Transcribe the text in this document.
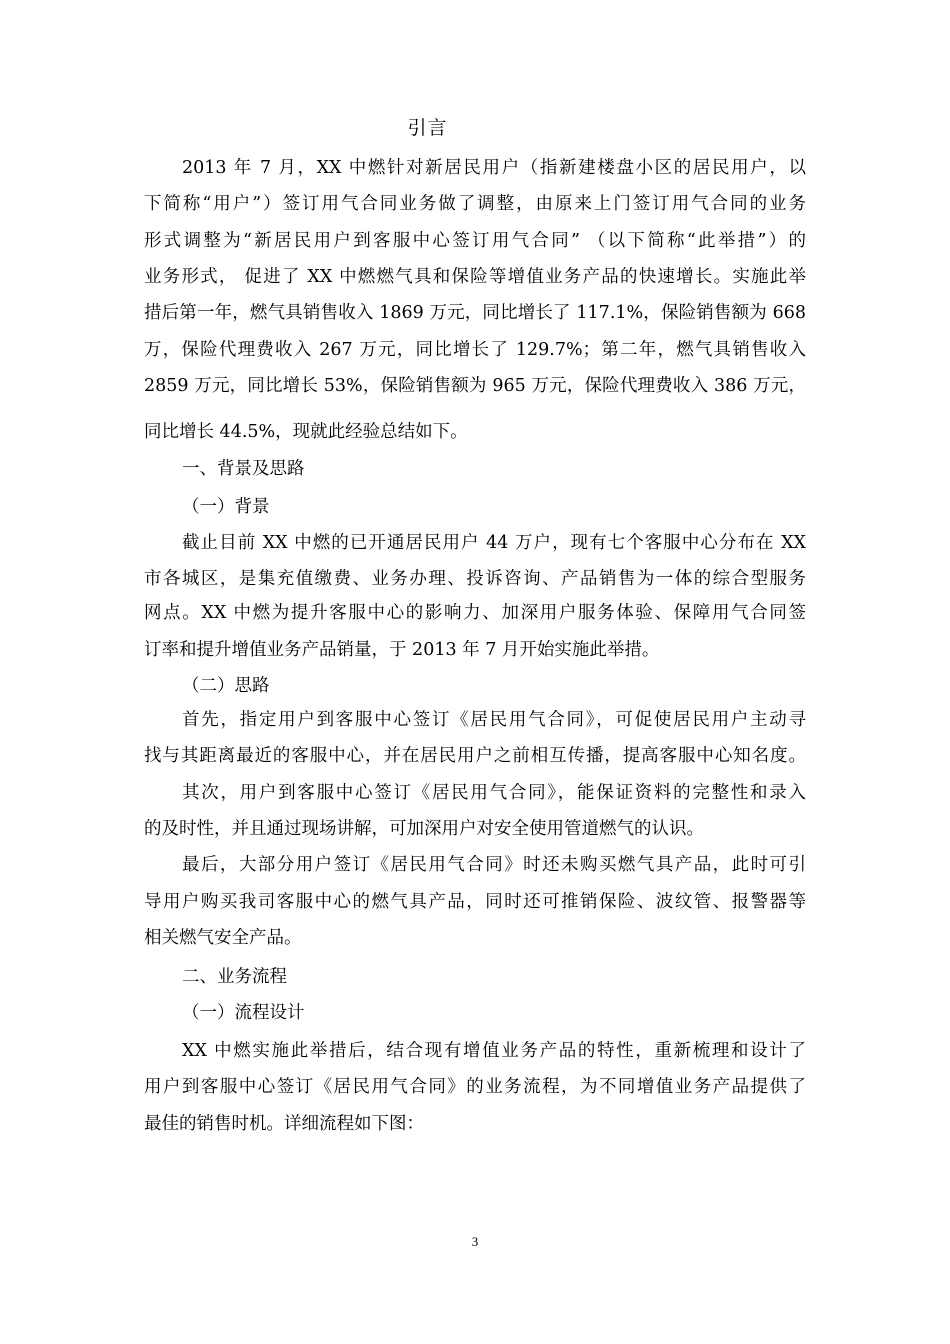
引言
2013 年 7 月，XX 中燃针对新居民用户（指新建楼盘小区的居民用户，以
下简称“用户”）签订用气合同业务做了调整，由原来上门签订用气合同的业务
形式调整为“新居民用户到客服中心签订用气合同” （以下简称“此举措”）的
业务形式， 促进了 XX 中燃燃气具和保险等增值业务产品的快速增长。实施此举
措后第一年，燃气具销售收入 1869 万元，同比增长了 117.1%，保险销售额为 668
万，保险代理费收入 267 万元，同比增长了 129.7%；第二年，燃气具销售收入
2859 万元，同比增长 53%，保险销售额为 965 万元，保险代理费收入 386 万元，
同比增长 44.5%，现就此经验总结如下。
一、背景及思路
（一）背景
截止目前 XX 中燃的已开通居民用户 44 万户，现有七个客服中心分布在 XX
市各城区，是集充值缴费、业务办理、投诉咨询、产品销售为一体的综合型服务
网点。XX 中燃为提升客服中心的影响力、加深用户服务体验、保障用气合同签
订率和提升增值业务产品销量，于 2013 年 7 月开始实施此举措。
（二）思路
首先，指定用户到客服中心签订《居民用气合同》，可促使居民用户主动寻
找与其距离最近的客服中心，并在居民用户之前相互传播，提高客服中心知名度。
其次，用户到客服中心签订《居民用气合同》，能保证资料的完整性和录入
的及时性，并且通过现场讲解，可加深用户对安全使用管道燃气的认识。
最后，大部分用户签订《居民用气合同》时还未购买燃气具产品，此时可引
导用户购买我司客服中心的燃气具产品，同时还可推销保险、波纹管、报警器等
相关燃气安全产品。
二、业务流程
（一）流程设计
XX 中燃实施此举措后，结合现有增值业务产品的特性，重新梳理和设计了
用户到客服中心签订《居民用气合同》的业务流程，为不同增值业务产品提供了
最佳的销售时机。详细流程如下图：
3
